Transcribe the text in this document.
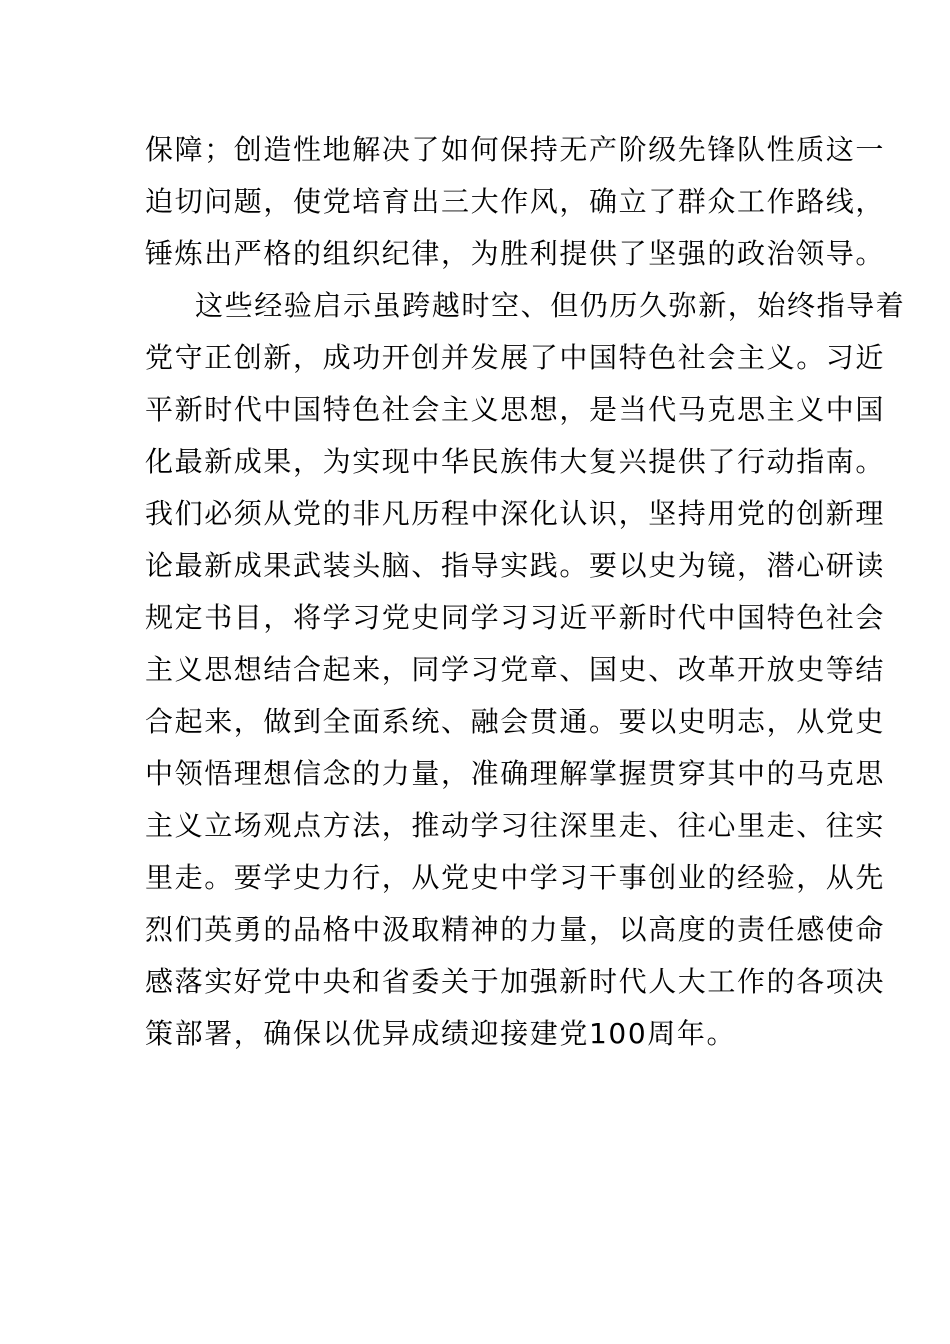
保障；创造性地解决了如何保持无产阶级先锋队性质这一
迫切问题，使党培育出三大作风，确立了群众工作路线，
锤炼出严格的组织纪律，为胜利提供了坚强的政治领导。
这些经验启示虽跨越时空、但仍历久弥新，始终指导着
党守正创新，成功开创并发展了中国特色社会主义。习近
平新时代中国特色社会主义思想，是当代马克思主义中国
化最新成果，为实现中华民族伟大复兴提供了行动指南。
我们必须从党的非凡历程中深化认识，坚持用党的创新理
论最新成果武装头脑、指导实践。要以史为镜，潜心研读
规定书目，将学习党史同学习习近平新时代中国特色社会
主义思想结合起来，同学习党章、国史、改革开放史等结
合起来，做到全面系统、融会贯通。要以史明志，从党史
中领悟理想信念的力量，准确理解掌握贯穿其中的马克思
主义立场观点方法，推动学习往深里走、往心里走、往实
里走。要学史力行，从党史中学习干事创业的经验，从先
烈们英勇的品格中汲取精神的力量，以高度的责任感使命
感落实好党中央和省委关于加强新时代人大工作的各项决
策部署，确保以优异成绩迎接建党100周年。
